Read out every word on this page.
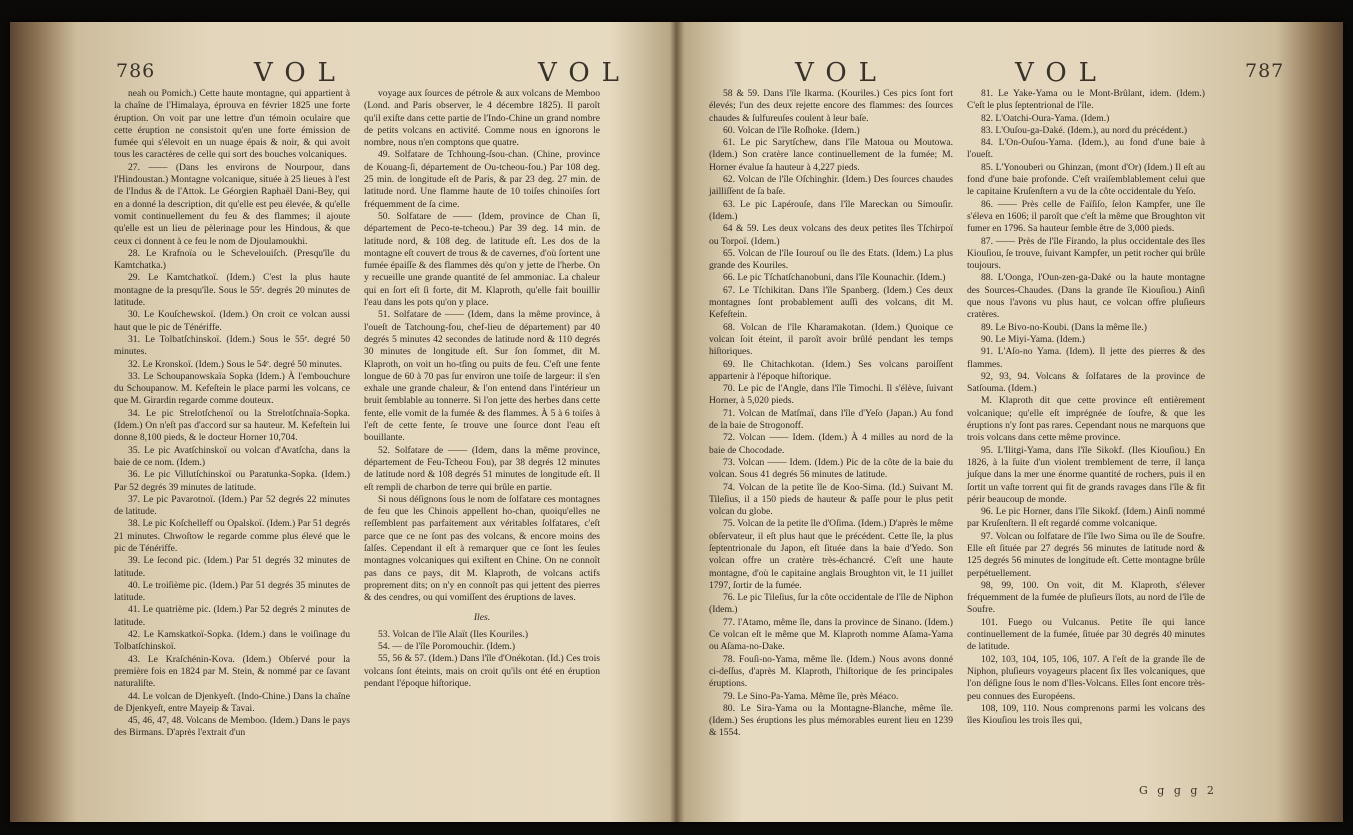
786	VOL	VOL

neah ou Pomich.) Cette haute montagne, qui appartient à la chaîne de l'Himalaya, éprouva en février 1825 une forte éruption. On voit par une lettre d'un témoin oculaire que cette éruption ne consistoit qu'en une forte émission de fumée qui s'élevoit en un nuage épais & noir, & qui avoit tous les caractères de celle qui sort des bouches volcaniques.

27. —— (Dans les environs de Nourpour, dans l'Hindoustan.) Montagne volcanique, située à 25 lieues à l'est de l'Indus & de l'Attok. Le Géorgien Raphaël Dani-Bey, qui en a donné la description, dit qu'elle est peu élevée, & qu'elle vomit continuellement du feu & des flammes; il ajoute qu'elle est un lieu de pèlerinage pour les Hindous, & que ceux ci donnent à ce feu le nom de Djoulamoukhi.

28. Le Krafnoïa ou le Schevelouiſch. (Presqu'île du Kamtchatka.)

29. Le Kamtchatkoï. (Idem.) C'est la plus haute montagne de la presqu'île. Sous le 55ᵉ. degrés 20 minutes de latitude.

30. Le Kouſchewskoï. (Idem.) On croit ce volcan aussi haut que le pic de Ténériffe.

31. Le Tolbatſchinskoï. (Idem.) Sous le 55ᵉ. degré 50 minutes.

32. Le Kronskoï. (Idem.) Sous le 54ᵉ. degré 50 minutes.

33. Le Schoupanowskaïa Sopka (Idem.) À l'embouchure du Schoupanow. M. Kefeſtein le place parmi les volcans, ce que M. Girardin regarde comme douteux.

34. Le pic Strelotſchenoï ou la Strelotſchnaïa-Sopka. (Idem.) On n'eſt pas d'accord sur sa hauteur. M. Kefeſtein lui donne 8,100 pieds, & le docteur Horner 10,704.

35. Le pic Avatſchinskoï ou volcan d'Avatſcha, dans la baie de ce nom. (Idem.)

36. Le pic Villutſchinskoï ou Paratunka-Sopka. (Idem.) Par 52 degrés 39 minutes de latitude.

37. Le pic Pavarotnoï. (Idem.) Par 52 degrés 22 minutes de latitude.

38. Le pic Koſchelleff ou Opalskoï. (Idem.) Par 51 degrés 21 minutes. Chwoſtow le regarde comme plus élevé que le pic de Ténériffe.

39. Le ſecond pic. (Idem.) Par 51 degrés 32 minutes de latitude.

40. Le troiſième pic. (Idem.) Par 51 degrés 35 minutes de latitude.

41. Le quatrième pic. (Idem.) Par 52 degrés 2 minutes de latitude.

42. Le Kamskatkoï-Sopka. (Idem.) dans le voiſinage du Tolbatſchinskoï.

43. Le Kraſchénin-Kova. (Idem.) Obſervé pour la première fois en 1824 par M. Stein, & nommé par ce ſavant naturaliſte.

44. Le volcan de Djenkyeſt. (Indo-Chine.) Dans la chaîne de Djenkyeſt, entre Mayeip & Tavai.

45, 46, 47, 48. Volcans de Memboo. (Idem.) Dans le pays des Birmans. D'après l'extrait d'un

voyage aux ſources de pétrole & aux volcans de Memboo (Lond. and Paris observer, le 4 décembre 1825). Il paroît qu'il exiſte dans cette partie de l'Indo-Chine un grand nombre de petits volcans en activité. Comme nous en ignorons le nombre, nous n'en comptons que quatre.

49. Solfatare de Tchhoung-ſsou-chan. (Chine, province de Kouang-ſi, département de Ou-tcheou-fou.) Par 108 deg. 25 min. de longitude eſt de Paris, & par 23 deg. 27 min. de latitude nord. Une flamme haute de 10 toiſes chinoiſes ſort fréquemment de ſa cime.

50. Solfatare de —— (Idem, province de Chan ſi, département de Peco-te-tcheou.) Par 39 deg. 14 min. de latitude nord, & 108 deg. de latitude eſt. Les dos de la montagne eſt couvert de trous & de cavernes, d'où ſortent une fumée épaiſſe & des flammes dès qu'on y jette de l'herbe. On y recueille une grande quantité de ſel ammoniac. La chaleur qui en ſort eſt ſi forte, dit M. Klaproth, qu'elle fait bouillir l'eau dans les pots qu'on y place.

51. Solfatare de —— (Idem, dans la même province, à l'oueſt de Tatchoung-fou, chef-lieu de département) par 40 degrés 5 minutes 42 secondes de latitude nord & 110 degrés 30 minutes de longitude eſt. Sur ſon ſommet, dit M. Klaproth, on voit un ho-tſing ou puits de feu. C'eſt une fente longue de 60 à 70 pas ſur environ une toiſe de largeur: il s'en exhale une grande chaleur, & l'on entend dans l'intérieur un bruit ſemblable au tonnerre. Si l'on jette des herbes dans cette fente, elle vomit de la fumée & des flammes. À 5 à 6 toiſes à l'eſt de cette fente, ſe trouve une ſource dont l'eau eſt bouillante.

52. Solfatare de —— (Idem, dans la même province, département de Feu-Tcheou Fou), par 38 degrés 12 minutes de latitude nord & 108 degrés 51 minutes de longitude eſt. Il eſt rempli de charbon de terre qui brûle en partie.

Si nous déſignons ſous le nom de ſolfatare ces montagnes de feu que les Chinois appellent ho-chan, quoiqu'elles ne reſſemblent pas parfaitement aux véritables ſolfatares, c'eſt parce que ce ne ſont pas des volcans, & encore moins des ſalſes. Cependant il eſt à remarquer que ce ſont les ſeules montagnes volcaniques qui exiſtent en Chine. On ne connoît pas dans ce pays, dit M. Klaproth, de volcans actifs proprement dits; on n'y en connoît pas qui jettent des pierres & des cendres, ou qui vomiſſent des éruptions de laves.

Iles.

53. Volcan de l'île Alaït (Iles Kouriles.)

54. — de l'île Poromouchir. (Idem.)

55, 56 & 57. (Idem.) Dans l'île d'Onékotan. (Id.) Ces trois volcans ſont éteints, mais on croit qu'ils ont été en éruption pendant l'époque hiſtorique.

VOL	VOL	787

58 & 59. Dans l'île Ikarma. (Kouriles.) Ces pics ſont fort élevés; l'un des deux rejette encore des flammes: des ſources chaudes & ſulfureuſes coulent à leur baſe.

60. Volcan de l'île Roſhoke. (Idem.)

61. Le pic Sarytſchew, dans l'île Matoua ou Moutowa. (Idem.) Son cratère lance continuellement de la fumée; M. Horner évalue ſa hauteur à 4,227 pieds.

62. Volcan de l'île Oſchinghir. (Idem.) Des ſources chaudes jailliſſent de ſa baſe.

63. Le pic Lapérouſe, dans l'île Mareckan ou Simouſir. (Idem.)

64 & 59. Les deux volcans des deux petites îles Tſchirpoï ou Torpoï. (Idem.)

65. Volcan de l'île Iourouſ ou île des Etats. (Idem.) La plus grande des Kouriles.

66. Le pic Tſchatſchanobuni, dans l'île Kounachir. (Idem.)

67. Le Tſchikitan. Dans l'île Spanberg. (Idem.) Ces deux montagnes ſont probablement auſſi des volcans, dit M. Kefeſtein.

68. Volcan de l'île Kharamakotan. (Idem.) Quoique ce volcan ſoit éteint, il paroît avoir brûlé pendant les temps hiſtoriques.

69. Ile Chitachkotan. (Idem.) Ses volcans paroiſſent appartenir à l'époque hiſtorique.

70. Le pic de l'Angle, dans l'île Timochi. Il s'élève, ſuivant Horner, à 5,020 pieds.

71. Volcan de Matſmaï, dans l'île d'Yeſo (Japan.) Au fond de la baie de Strogonoff.

72. Volcan —— Idem. (Idem.) À 4 milles au nord de la baie de Chocodade.

73. Volcan —— Idem. (Idem.) Pic de la côte de la baie du volcan. Sous 41 degrés 56 minutes de latitude.

74. Volcan de la petite île de Koo-Sima. (Id.) Suivant M. Tileſius, il a 150 pieds de hauteur & paſſe pour le plus petit volcan du globe.

75. Volcan de la petite île d'Oſima. (Idem.) D'après le même obſervateur, il eſt plus haut que le précédent. Cette île, la plus ſeptentrionale du Japon, eſt ſituée dans la baie d'Yedo. Son volcan offre un cratère très-échancré. C'eſt une haute montagne, d'où le capitaine anglais Broughton vit, le 11 juillet 1797, ſortir de la fumée.

76. Le pic Tileſius, ſur la côte occidentale de l'île de Niphon (Idem.)

77. l'Atamo, même île, dans la province de Sinano. (Idem.) Ce volcan eſt le même que M. Klaproth nomme Aſama-Yama ou Aſama-no-Dake.

78. Fouſi-no-Yama, même île. (Idem.) Nous avons donné ci-deſſus, d'après M. Klaproth, l'hiſtorique de ſes principales éruptions.

79. Le Sino-Pa-Yama. Même île, près Méaco.

80. Le Sira-Yama ou la Montagne-Blanche, même île. (Idem.) Ses éruptions les plus mémorables eurent lieu en 1239 & 1554.

81. Le Yake-Yama ou le Mont-Brûlant, idem. (Idem.) C'eſt le plus ſeptentrional de l'île.

82. L'Oatchi-Oura-Yama. (Idem.)

83. L'Ouſou-ga-Daké. (Idem.), au nord du précédent.)

84. L'On-Ouſou-Yama. (Idem.), au fond d'une baie à l'oueſt.

85. L'Yonouberi ou Ghinzan, (mont d'Or) (Idem.) Il eſt au fond d'une baie profonde. C'eſt vraiſemblablement celui que le capitaine Kruſenſtern a vu de la côte occidentale du Yeſo.

86. —— Près celle de Faïſiſo, ſelon Kampfer, une île s'éleva en 1606; il paroît que c'eſt la même que Broughton vit fumer en 1796. Sa hauteur ſemble être de 3,000 pieds.

87. —— Près de l'île Firando, la plus occidentale des îles Kiouſiou, ſe trouve, ſuivant Kampfer, un petit rocher qui brûle toujours.

88. L'Oonga, l'Oun-zen-ga-Daké ou la haute montagne des Sources-Chaudes. (Dans la grande île Kiouſiou.) Ainſi que nous l'avons vu plus haut, ce volcan offre pluſieurs cratères.

89. Le Bivo-no-Koubi. (Dans la même île.)

90. Le Miyi-Yama. (Idem.)

91. L'Aſo-no Yama. (Idem). Il jette des pierres & des flammes.

92, 93, 94. Volcans & ſolfatares de la province de Satſouma. (Idem.)

M. Klaproth dit que cette province eſt entièrement volcanique; qu'elle eſt imprégnée de ſoufre, & que les éruptions n'y ſont pas rares. Cependant nous ne marquons que trois volcans dans cette même province.

95. L'Ilitgi-Yama, dans l'île Sikokf. (Iles Kiouſiou.) En 1826, à la ſuite d'un violent tremblement de terre, il lança juſque dans la mer une énorme quantité de rochers, puis il en ſortit un vaſte torrent qui fit de grands ravages dans l'île & fit périr beaucoup de monde.

96. Le pic Horner, dans l'île Sikokf. (Idem.) Ainſi nommé par Kruſenſtern. Il eſt regardé comme volcanique.

97. Volcan ou ſolfatare de l'île Iwo Sima ou île de Soufre. Elle eſt ſituée par 27 degrés 56 minutes de latitude nord & 125 degrés 56 minutes de longitude eſt. Cette montagne brûle perpétuellement.

98, 99, 100. On voit, dit M. Klaproth, s'élever fréquemment de la fumée de pluſieurs îlots, au nord de l'île de Soufre.

101. Fuego ou Vulcanus. Petite île qui lance continuellement de la fumée, ſituée par 30 degrés 40 minutes de latitude.

102, 103, 104, 105, 106, 107. A l'eſt de la grande île de Niphon, pluſieurs voyageurs placent ſix îles volcaniques, que l'on déſigne ſous le nom d'Iles-Volcans. Elles ſont encore très-peu connues des Européens.

108, 109, 110. Nous comprenons parmi les volcans des îles Kiouſiou les trois îles qui,

G g g g 2
